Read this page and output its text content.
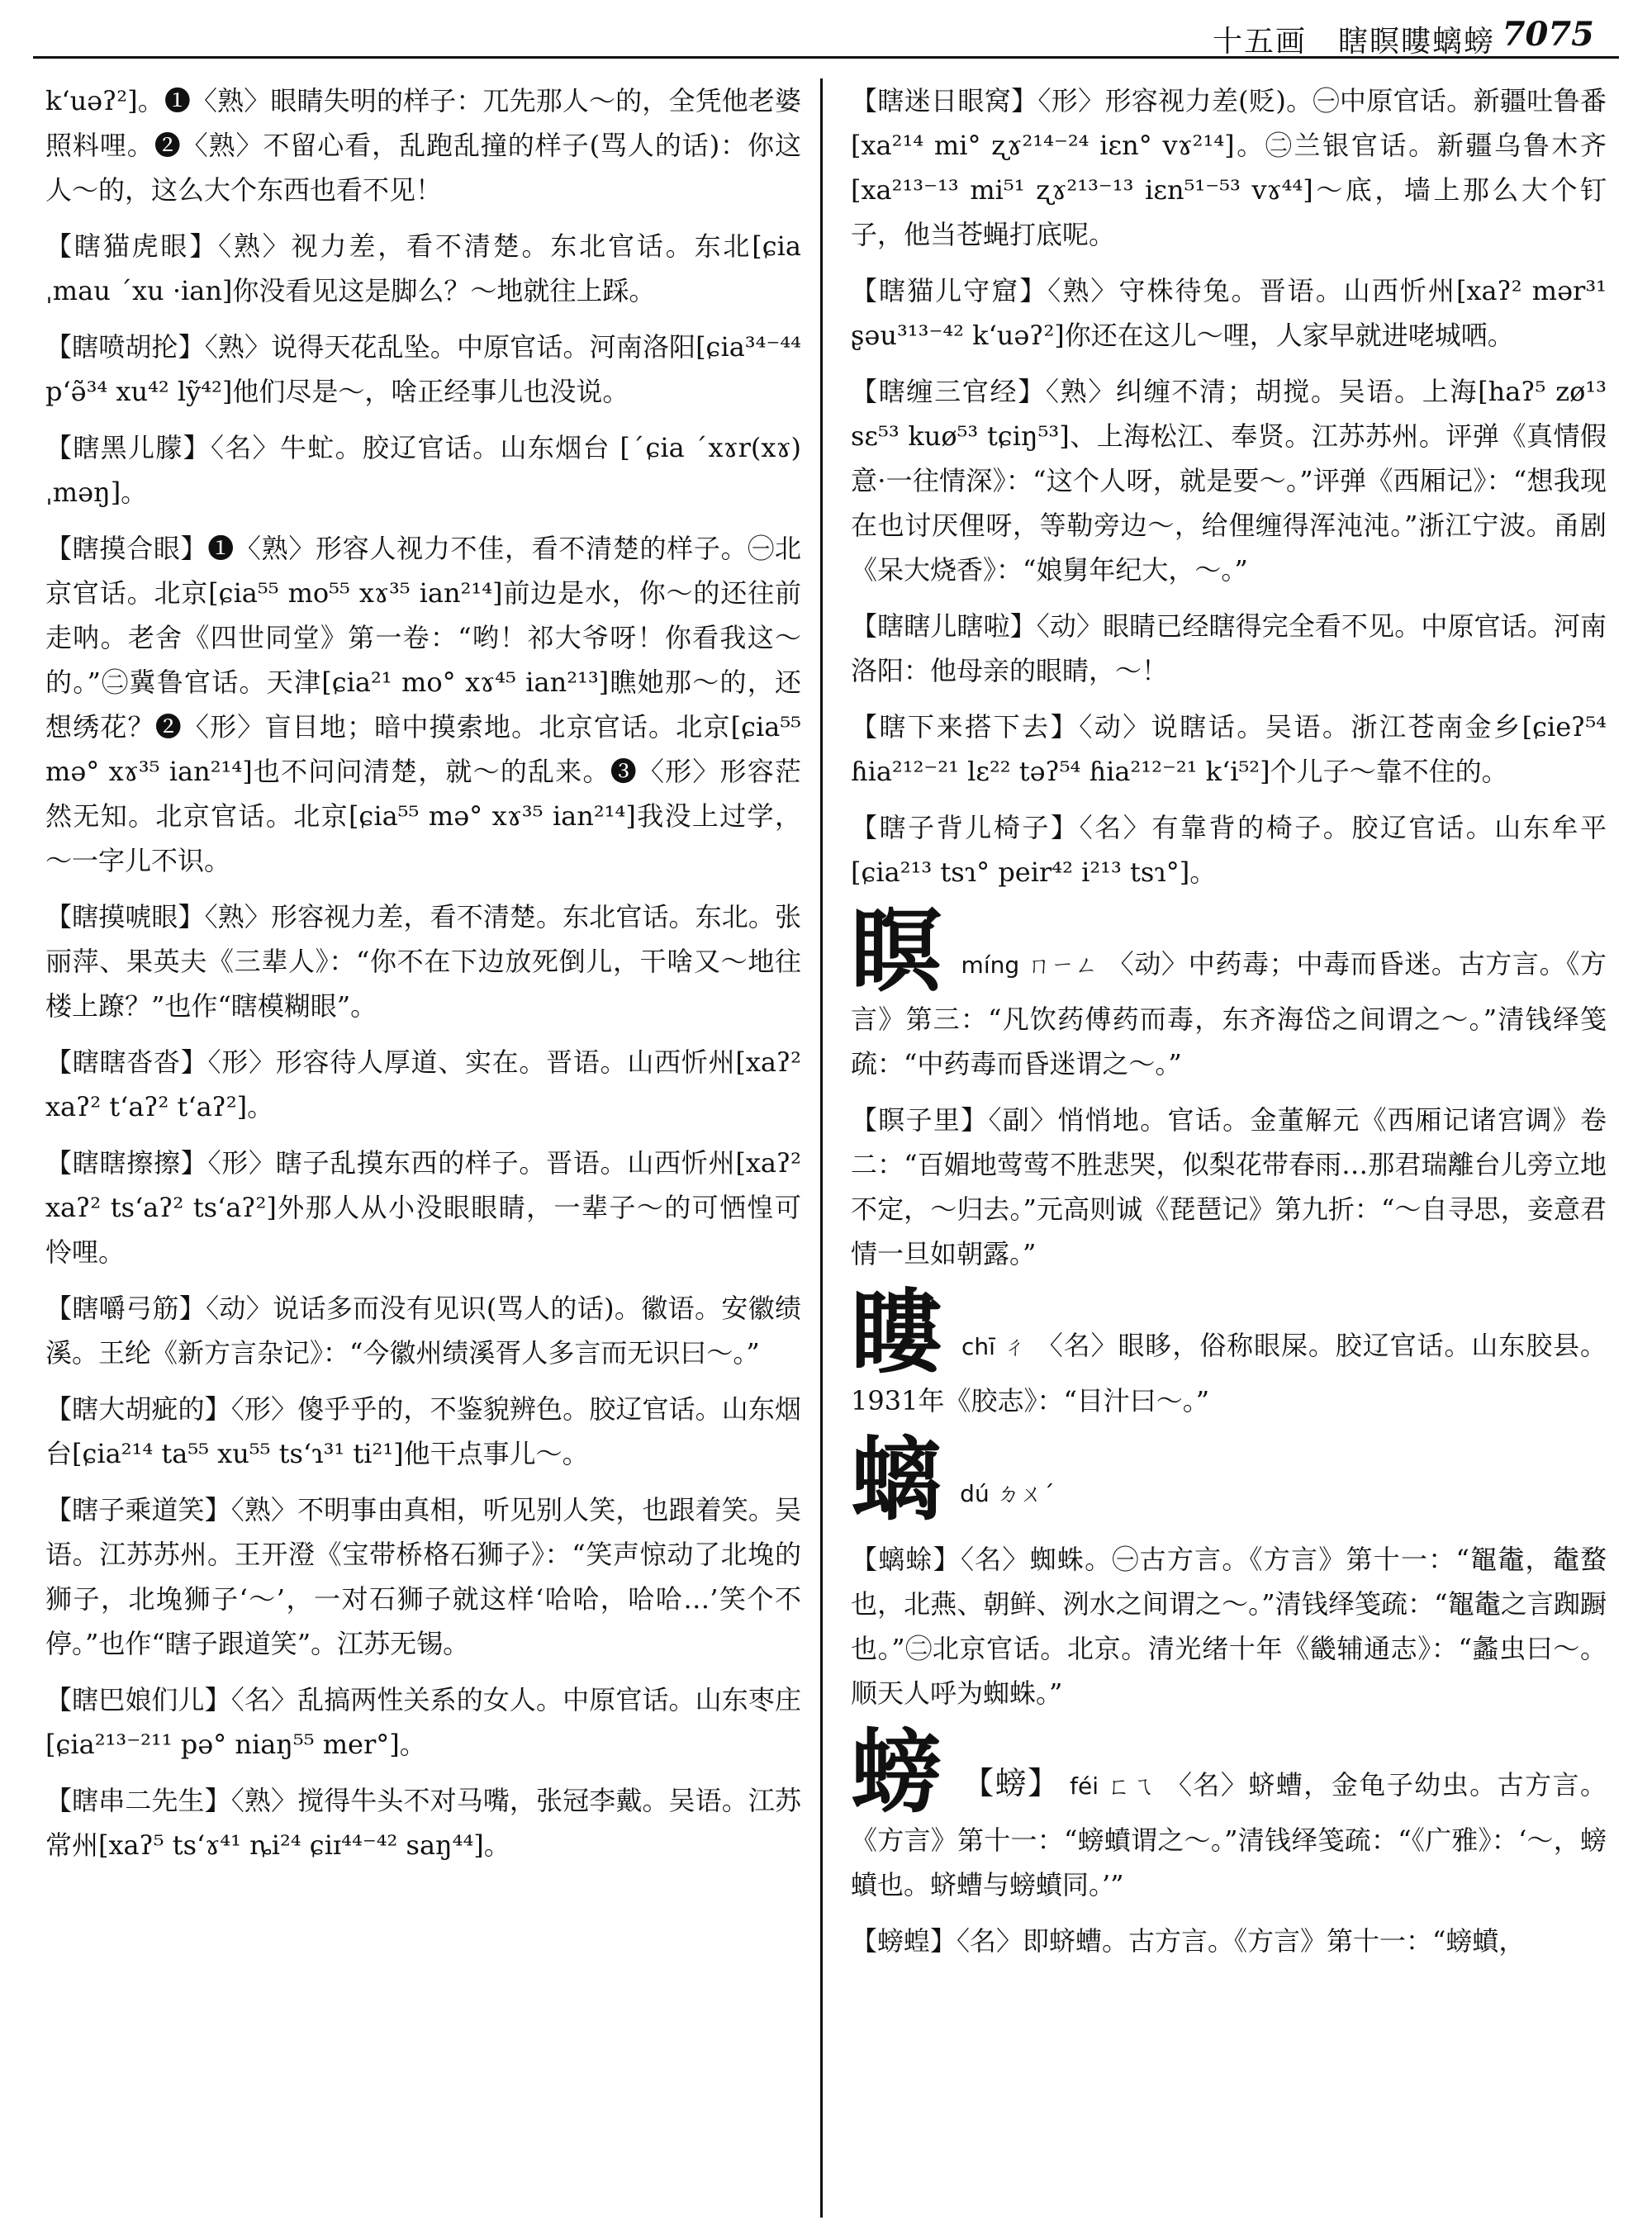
十五画　瞎瞑瞜螭螃 7075

k‘uəʔ²]。❶〈熟〉眼睛失明的样子：兀先那人～的，全凭他老婆照料哩。❷〈熟〉不留心看，乱跑乱撞的样子(骂人的话)：你这人～的，这么大个东西也看不见！

【瞎猫虎眼】〈熟〉视力差，看不清楚。东北官话。东北[ɕia ˌmau ˊxu ·ian]你没看见这是脚么？～地就往上踩。

【瞎喷胡抡】〈熟〉说得天花乱坠。中原官话。河南洛阳[ɕia³⁴⁻⁴⁴ p‘ə̃³⁴ xu⁴² lỹ⁴²]他们尽是～，啥正经事儿也没说。

【瞎黑儿朦】〈名〉牛虻。胶辽官话。山东烟台 [ˊɕia ˊxɤr(xɤ) ˌməŋ]。

【瞎摸合眼】❶〈熟〉形容人视力不佳，看不清楚的样子。㊀北京官话。北京[ɕia⁵⁵ mo⁵⁵ xɤ³⁵ ian²¹⁴]前边是水，你～的还往前走呐。老舍《四世同堂》第一卷：“哟！祁大爷呀！你看我这～的。”㊁冀鲁官话。天津[ɕia²¹ mo° xɤ⁴⁵ ian²¹³]瞧她那～的，还想绣花？❷〈形〉盲目地；暗中摸索地。北京官话。北京[ɕia⁵⁵ mə° xɤ³⁵ ian²¹⁴]也不问问清楚，就～的乱来。❸〈形〉形容茫然无知。北京官话。北京[ɕia⁵⁵ mə° xɤ³⁵ ian²¹⁴]我没上过学，～一字儿不识。

【瞎摸唬眼】〈熟〉形容视力差，看不清楚。东北官话。东北。张丽萍、果英夫《三辈人》：“你不在下边放死倒儿，干啥又～地往楼上蹽？”也作“瞎模糊眼”。

【瞎瞎沓沓】〈形〉形容待人厚道、实在。晋语。山西忻州[xaʔ² xaʔ² t‘aʔ² t‘aʔ²]。

【瞎瞎擦擦】〈形〉瞎子乱摸东西的样子。晋语。山西忻州[xaʔ² xaʔ² ts‘aʔ² ts‘aʔ²]外那人从小没眼眼睛，一辈子～的可恓惶可怜哩。

【瞎嚼弓筋】〈动〉说话多而没有见识(骂人的话)。徽语。安徽绩溪。王纶《新方言杂记》：“今徽州绩溪胥人多言而无识曰～。”

【瞎大胡疵的】〈形〉傻乎乎的，不鉴貌辨色。胶辽官话。山东烟台[ɕia²¹⁴ ta⁵⁵ xu⁵⁵ ts‘ɿ³¹ ti²¹]他干点事儿～。

【瞎子乘道笑】〈熟〉不明事由真相，听见别人笑，也跟着笑。吴语。江苏苏州。王开澄《宝带桥格石狮子》：“笑声惊动了北堍的狮子，北堍狮子‘～’，一对石狮子就这样‘哈哈，哈哈…’笑个不停。”也作“瞎子跟道笑”。江苏无锡。

【瞎巴娘们儿】〈名〉乱搞两性关系的女人。中原官话。山东枣庄[ɕia²¹³⁻²¹¹ pə° niaŋ⁵⁵ mer°]。

【瞎串二先生】〈熟〉搅得牛头不对马嘴，张冠李戴。吴语。江苏常州[xaʔ⁵ ts‘ɤ⁴¹ ȵi²⁴ ɕiɪ⁴⁴⁻⁴² saŋ⁴⁴]。

【瞎迷日眼窝】〈形〉形容视力差(贬)。㊀中原官话。新疆吐鲁番[xa²¹⁴ mi° ʐɤ²¹⁴⁻²⁴ iɛn° vɤ²¹⁴]。㊁兰银官话。新疆乌鲁木齐[xa²¹³⁻¹³ mi⁵¹ ʐɤ²¹³⁻¹³ iɛn⁵¹⁻⁵³ vɤ⁴⁴]～底，墙上那么大个钉子，他当苍蝇打底呢。

【瞎猫儿守窟】〈熟〉守株待兔。晋语。山西忻州[xaʔ² mər³¹ ʂəu³¹³⁻⁴² k‘uəʔ²]你还在这儿～哩，人家早就进咾城哂。

【瞎缠三官经】〈熟〉纠缠不清；胡搅。吴语。上海[haʔ⁵ zø¹³ sɛ⁵³ kuø⁵³ tɕiŋ⁵³]、上海松江、奉贤。江苏苏州。评弹《真情假意·一往情深》：“这个人呀，就是要～。”评弹《西厢记》：“想我现在也讨厌俚呀，等勒旁边～，给俚缠得浑沌沌。”浙江宁波。甬剧《呆大烧香》：“娘舅年纪大，～。”

【瞎瞎儿瞎啦】〈动〉眼睛已经瞎得完全看不见。中原官话。河南洛阳：他母亲的眼睛，～！

【瞎下来搭下去】〈动〉说瞎话。吴语。浙江苍南金乡[ɕieʔ⁵⁴ ɦia²¹²⁻²¹ lɛ²² təʔ⁵⁴ ɦia²¹²⁻²¹ k‘i⁵²]个儿子～靠不住的。

【瞎子背儿椅子】〈名〉有靠背的椅子。胶辽官话。山东牟平[ɕia²¹³ tsɿ° peir⁴² i²¹³ tsɿ°]。

瞑 míng ㄇㄧㄥ 〈动〉中药毒；中毒而昏迷。古方言。《方言》第三：“凡饮药傅药而毒，东齐海岱之间谓之～。”清钱绎笺疏：“中药毒而昏迷谓之～。”

【瞑子里】〈副〉悄悄地。官话。金董解元《西厢记诸宫调》卷二：“百媚地莺莺不胜悲哭，似梨花带春雨…那君瑞離台儿旁立地不定，～归去。”元高则诚《琵琶记》第九折：“～自寻思，妾意君情一旦如朝露。”

瞜 chī ㄔ 〈名〉眼眵，俗称眼屎。胶辽官话。山东胶县。1931年《胶志》：“目汁曰～。”

螭 dú ㄉㄨˊ

【螭蜍】〈名〉蜘蛛。㊀古方言。《方言》第十一：“鼅鼄，鼄蝥也，北燕、朝鲜、洌水之间谓之～。”清钱绎笺疏：“鼅鼄之言踟蹰也。”㊁北京官话。北京。清光绪十年《畿辅通志》：“蠡虫曰～。顺天人呼为蜘蛛。”

螃 【螃】 féi ㄈㄟ 〈名〉蛴螬，金龟子幼虫。古方言。《方言》第十一：“螃蟦谓之～。”清钱绎笺疏：“《广雅》：‘～，螃蟦也。蛴螬与螃蟦同。’”

【螃蝗】〈名〉即蛴螬。古方言。《方言》第十一：“螃蟦，
